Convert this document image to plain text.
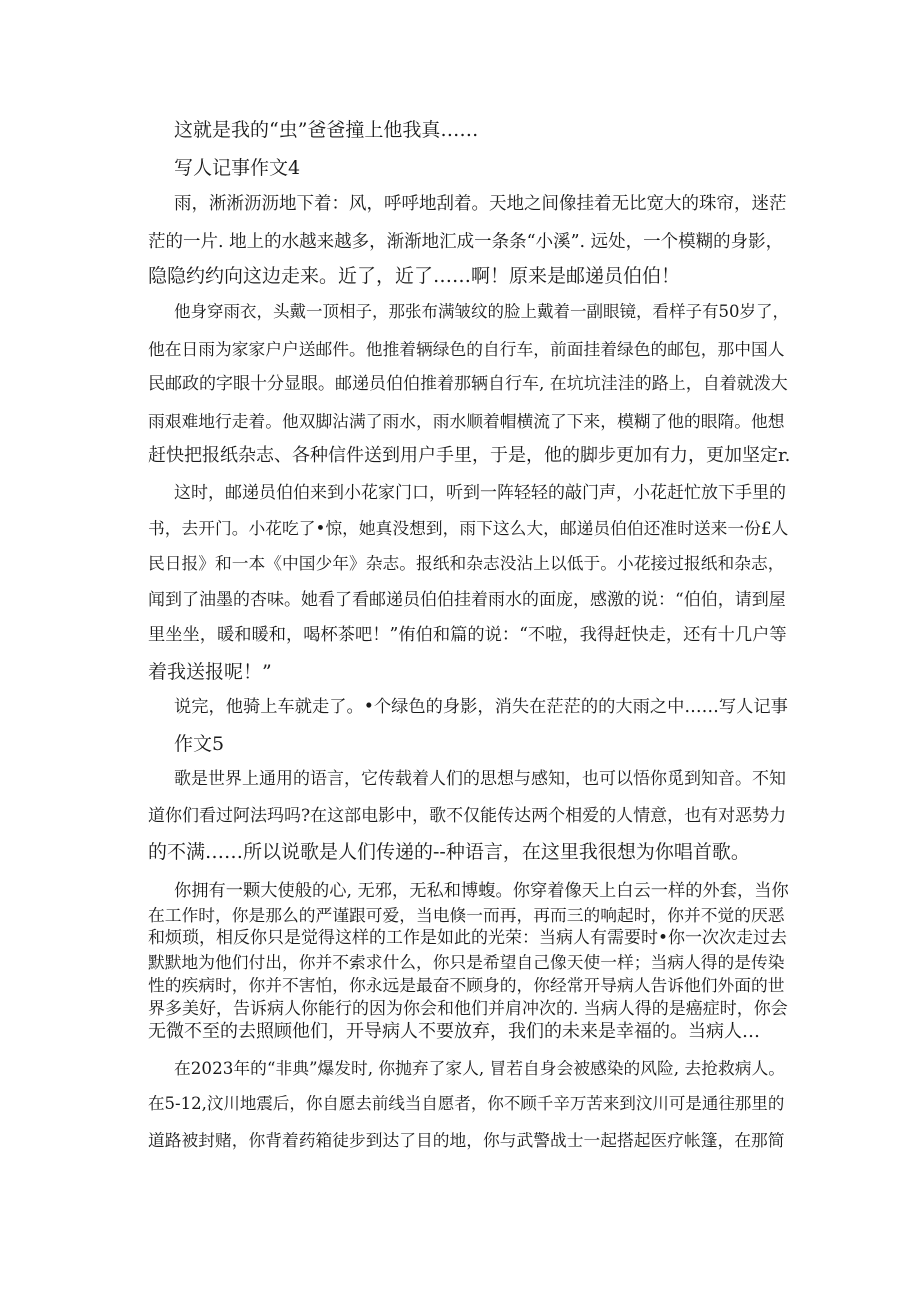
这就是我的“虫”爸爸撞上他我真……
写人记事作文4
雨，淅淅沥沥地下着：风，呼呼地刮着。天地之间像挂着无比宽大的珠帘，迷茫
茫的一片. 地上的水越来越多，渐渐地汇成一条条“小溪”. 远处，一个模糊的身影，
隐隐约约向这边走来。近了，近了……啊！原来是邮递员伯伯！
他身穿雨衣，头戴一顶相子，那张布满皱纹的脸上戴着一副眼镜，看样子有50岁了，
他在日雨为家家户户送邮件。他推着辆绿色的自行车，前面挂着绿色的邮包，那中国人
民邮政的字眼十分显眼。邮递员伯伯推着那辆自行车, 在坑坑洼洼的路上，自着就泼大
雨艰难地行走着。他双脚沾满了雨水，雨水顺着帽横流了下来，模糊了他的眼隋。他想
赶快把报纸杂志、各种信件送到用户手里，于是，他的脚步更加有力，更加坚定r.
这时，邮递员伯伯来到小花家门口，听到一阵轻轻的敲门声，小花赶忙放下手里的
书，去开门。小花吃了•惊，她真没想到，雨下这么大，邮递员伯伯还准时送来一份£人
民日报》和一本《中国少年》杂志。报纸和杂志没沾上以低于。小花接过报纸和杂志，
闻到了油墨的杏味。她看了看邮递员伯伯挂着雨水的面庞，感激的说：“伯伯，请到屋
里坐坐，暖和暖和，喝杯茶吧！”侑伯和篇的说：“不啦，我得赶快走，还有十几户等
着我送报呢！”
说完，他骑上车就走了。•个绿色的身影，消失在茫茫的的大雨之中……写人记事
作文5
歌是世界上通用的语言，它传载着人们的思想与感知，也可以悟你觅到知音。不知
道你们看过阿法玛吗?在这部电影中，歌不仅能传达两个相爱的人情意，也有对恶势力
的不满……所以说歌是人们传递的--种语言，在这里我很想为你唱首歌。
你拥有一颗大使般的心, 无邪，无私和博蝮。你穿着像天上白云一样的外套，当你
在工作时，你是那么的严谨跟可爱，当电倏一而再，再而三的响起时，你并不觉的厌恶
和烦琐，相反你只是觉得这样的工作是如此的光荣：当病人有需要时•你一次次走过去
默默地为他们付出，你并不索求什么，你只是希望自己像天使一样；当病人得的是传染
性的疾病时，你并不害怕，你永远是最奋不顾身的，你经常开导病人告诉他们外面的世
界多美好，告诉病人你能行的因为你会和他们并肩冲次的. 当病人得的是癌症时，你会
无微不至的去照顾他们，开导病人不要放弃，我们的未来是幸福的。当病人…
在2023年的“非典”爆发时, 你抛弃了家人, 冒若自身会被感染的风险, 去抢救病人。
在5-12,汶川地震后，你自愿去前线当自愿者，你不顾千辛万苦来到汶川可是通往那里的
道路被封赌，你背着药箱徒步到达了目的地，你与武警战士一起搭起医疗帐篷，在那简
